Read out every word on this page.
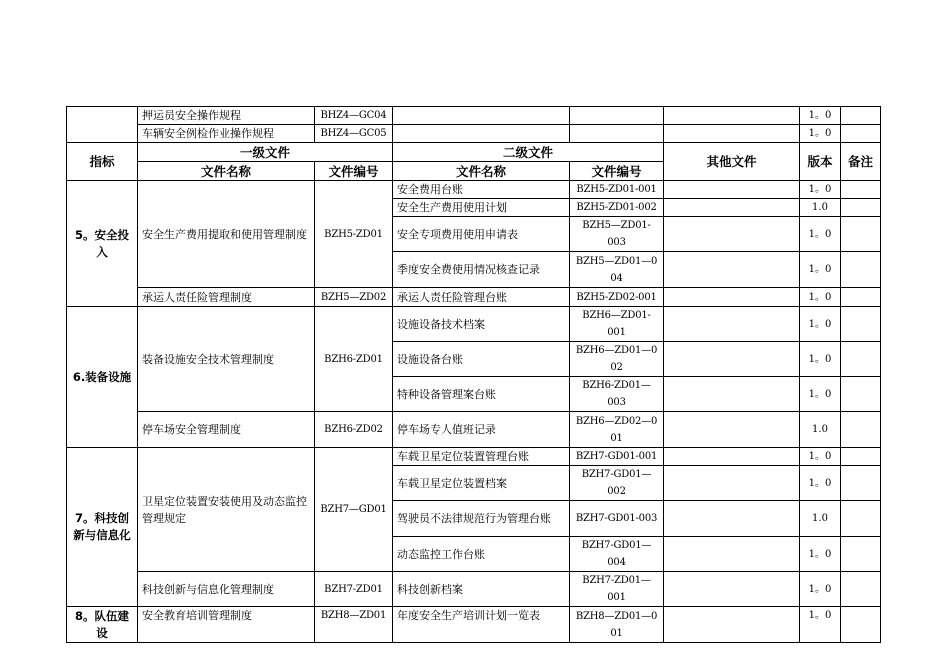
	押运员安全操作规程	BHZ4—GC04				1。0	
	车辆安全例检作业操作规程	BHZ4—GC05				1。0	
指标	一级文件		二级文件		其他文件	版本	备注
	文件名称	文件编号	文件名称	文件编号			
5。安全投入	安全生产费用提取和使用管理制度	BZH5-ZD01	安全费用台账	BZH5-ZD01-001		1。0	
			安全生产费用使用计划	BZH5-ZD01-002		1.0	
			安全专项费用使用申请表	BZH5—ZD01-003		1。0	
			季度安全费使用情况核查记录	BZH5—ZD01—004		1。0	
	承运人责任险管理制度	BZH5—ZD02	承运人责任险管理台账	BZH5-ZD02-001		1。0	
6.装备设施	装备设施安全技术管理制度	BZH6-ZD01	设施设备技术档案	BZH6—ZD01-001		1。0	
			设施设备台账	BZH6—ZD01—002		1。0	
			特种设备管理案台账	BZH6-ZD01—003		1。0	
	停车场安全管理制度	BZH6-ZD02	停车场专人值班记录	BZH6—ZD02—001		1.0	
7。科技创新与信息化	卫星定位装置安装使用及动态监控管理规定	BZH7—GD01	车载卫星定位装置管理台账	BZH7-GD01-001		1。0	
			车载卫星定位装置档案	BZH7-GD01—002		1。0	
			驾驶员不法律规范行为管理台账	BZH7-GD01-003		1.0	
			动态监控工作台账	BZH7-GD01—004		1。0	
	科技创新与信息化管理制度	BZH7-ZD01	科技创新档案	BZH7-ZD01—001		1。0	
8。队伍建设	安全教育培训管理制度	BZH8—ZD01	年度安全生产培训计划一览表	BZH8—ZD01—001		1。0	
